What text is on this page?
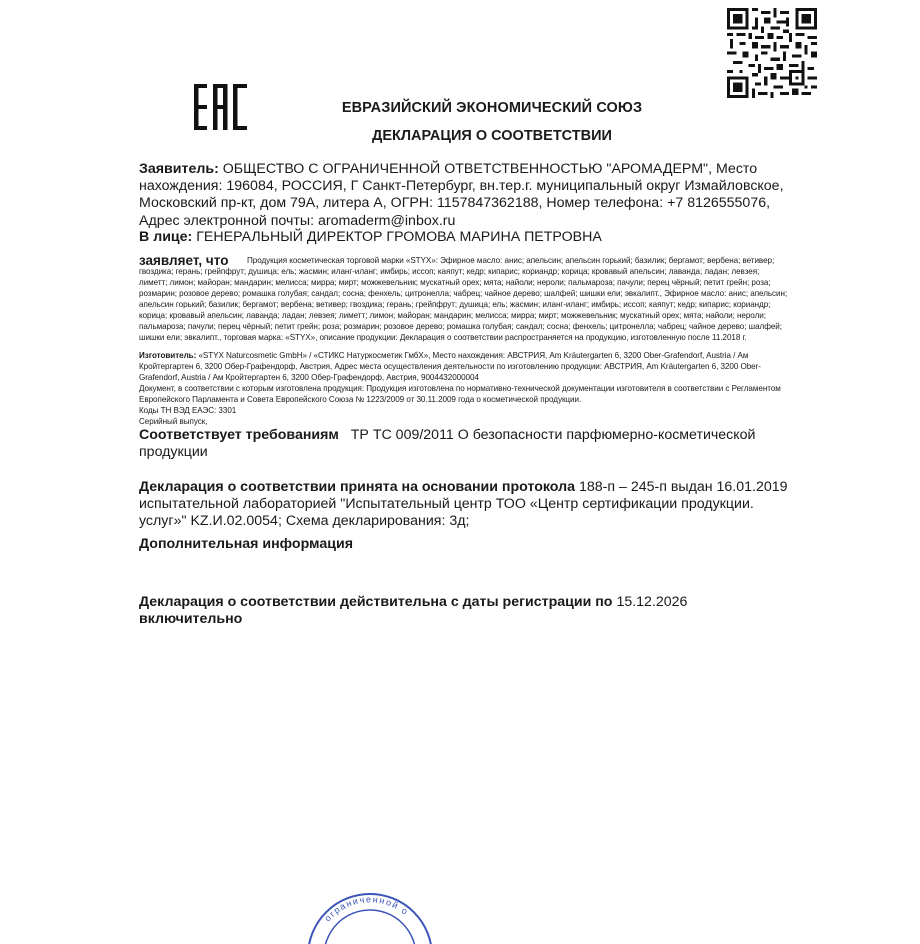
ЕВРАЗИЙСКИЙ ЭКОНОМИЧЕСКИЙ СОЮЗ
ДЕКЛАРАЦИЯ О СООТВЕТСТВИИ
Заявитель: ОБЩЕСТВО С ОГРАНИЧЕННОЙ ОТВЕТСТВЕННОСТЬЮ "АРОМАДЕРМ", Место нахождения: 196084, РОССИЯ, Г Санкт-Петербург, вн.тер.г. муниципальный округ Измайловское, Московский пр-кт, дом 79А, литера А, ОГРН: 1157847362188, Номер телефона: +7 8126555076, Адрес электронной почты: aromaderm@inbox.ru
В лице: ГЕНЕРАЛЬНЫЙ ДИРЕКТОР ГРОМОВА МАРИНА ПЕТРОВНА
заявляет, что	Продукция косметическая торговой марки «STYX»: Эфирное масло: анис; апельсин; апельсин горький; базилик; бергамот; вербена; ветивер; гвоздика; герань; грейпфрут; душица; ель; жасмин; иланг-иланг; имбирь; иссоп; каяпут; кедр; кипарис; кориандр; корица; кровавый апельсин; лаванда; ладан; левзея; лиметт; лимон; майоран; мандарин; мелисса; мирра; мирт; можжевельник; мускатный орех; мята; найоли; нероли; пальмароза; пачули; перец чёрный; петит грейн; роза; розмарин; розовое дерево; ромашка голубая; сандал; сосна; фенхель; цитронелла; чабрец; чайное дерево; шалфей; шишки ели; эвкалипт., Эфирное масло: анис; апельсин; апельсин горький; базилик; бергамот; вербена; ветивер; гвоздика; герань; грейпфрут; душица; ель; жасмин; иланг-иланг; имбирь; иссоп; каяпут; кедр; кипарис; кориандр; корица; кровавый апельсин; лаванда; ладан; левзея; лиметт; лимон; майоран; мандарин; мелисса; мирра; мирт; можжевельник; мускатный орех; мята; найоли; нероли; пальмароза; пачули; перец чёрный; петит грейн; роза; розмарин; розовое дерево; ромашка голубая; сандал; сосна; фенхель; цитронелла; чабрец; чайное дерево; шалфей; шишки ели; эвкалипт., торговая марка: «STYX», описание продукции: Декларация о соответствии распространяется на продукцию, изготовленную после 11.2018 г.
Изготовитель: «STYX Naturcosmetic GmbH» / «СТИКС Натуркосметик ГмбХ», Место нахождения: АВСТРИЯ, Am Kräutergarten 6, 3200 Ober-Grafendorf, Austria / Ам Кройтергартен 6, 3200 Обер-Графендорф, Австрия, Адрес места осуществления деятельности по изготовлению продукции: АВСТРИЯ, Am Kräutergarten 6, 3200 Ober-Grafendorf, Austria / Ам Кройтергартен 6, 3200 Обер-Графендорф, Австрия, 9004432000004
Документ, в соответствии с которым изготовлена продукция: Продукция изготовлена по нормативно-технической документации изготовителя в соответствии с Регламентом Европейского Парламента и Совета Европейского Союза № 1223/2009 от 30.11.2009 года о косметической продукции.
Коды ТН ВЭД ЕАЭС: 3301
Серийный выпуск,
Соответствует требованиям ТР ТС 009/2011 О безопасности парфюмерно-косметической продукции
Декларация о соответствии принята на основании протокола 188-п – 245-п выдан 16.01.2019 испытательной лабораторией "Испытательный центр ТОО «Центр сертификации продукции. услуг»" KZ.И.02.0054; Схема декларирования: 3д;
Дополнительная информация
Декларация о соответствии действительна с даты регистрации по 15.12.2026
включительно
ограниченной о
